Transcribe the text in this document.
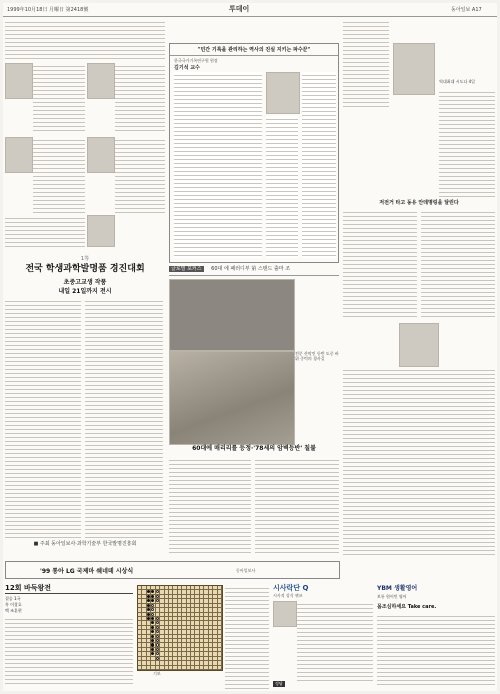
1999年10月18日 月曜日 第2418號	투데이	동아일보 A17
1等
전국 학생과학발명품 경진대회
초중고교생 작품
내일 21일까지 전시
■ 주최 동아일보사·과학기술부 한국발명진흥회
"민간 기록을 관리하는 역사의 진실 지키는 파수꾼"
한국국가기록연구원 원장
김기석 교수
글로벌 포커스 60대 에 패러디부 第 스탠드 출마 조
전문 산악인 등반 도중 바위 중턱의 경사길
60대에 매리리를 등정·'78세의 암벽등반' 칠불
역대최대 시도다 4일
저전거 타고 동유 안데명링을 달린다
'99 통아 LG 국제마 쉐네데 시상식	동아일보사
12회 바둑왕전
결승 1국
흑 이창호
백 조훈현
기보
시사락단 Q
시사적 상식 퀴즈
정답
YBM 생활영어
보통 원어민 영어
몸조심하세요 Take care.
